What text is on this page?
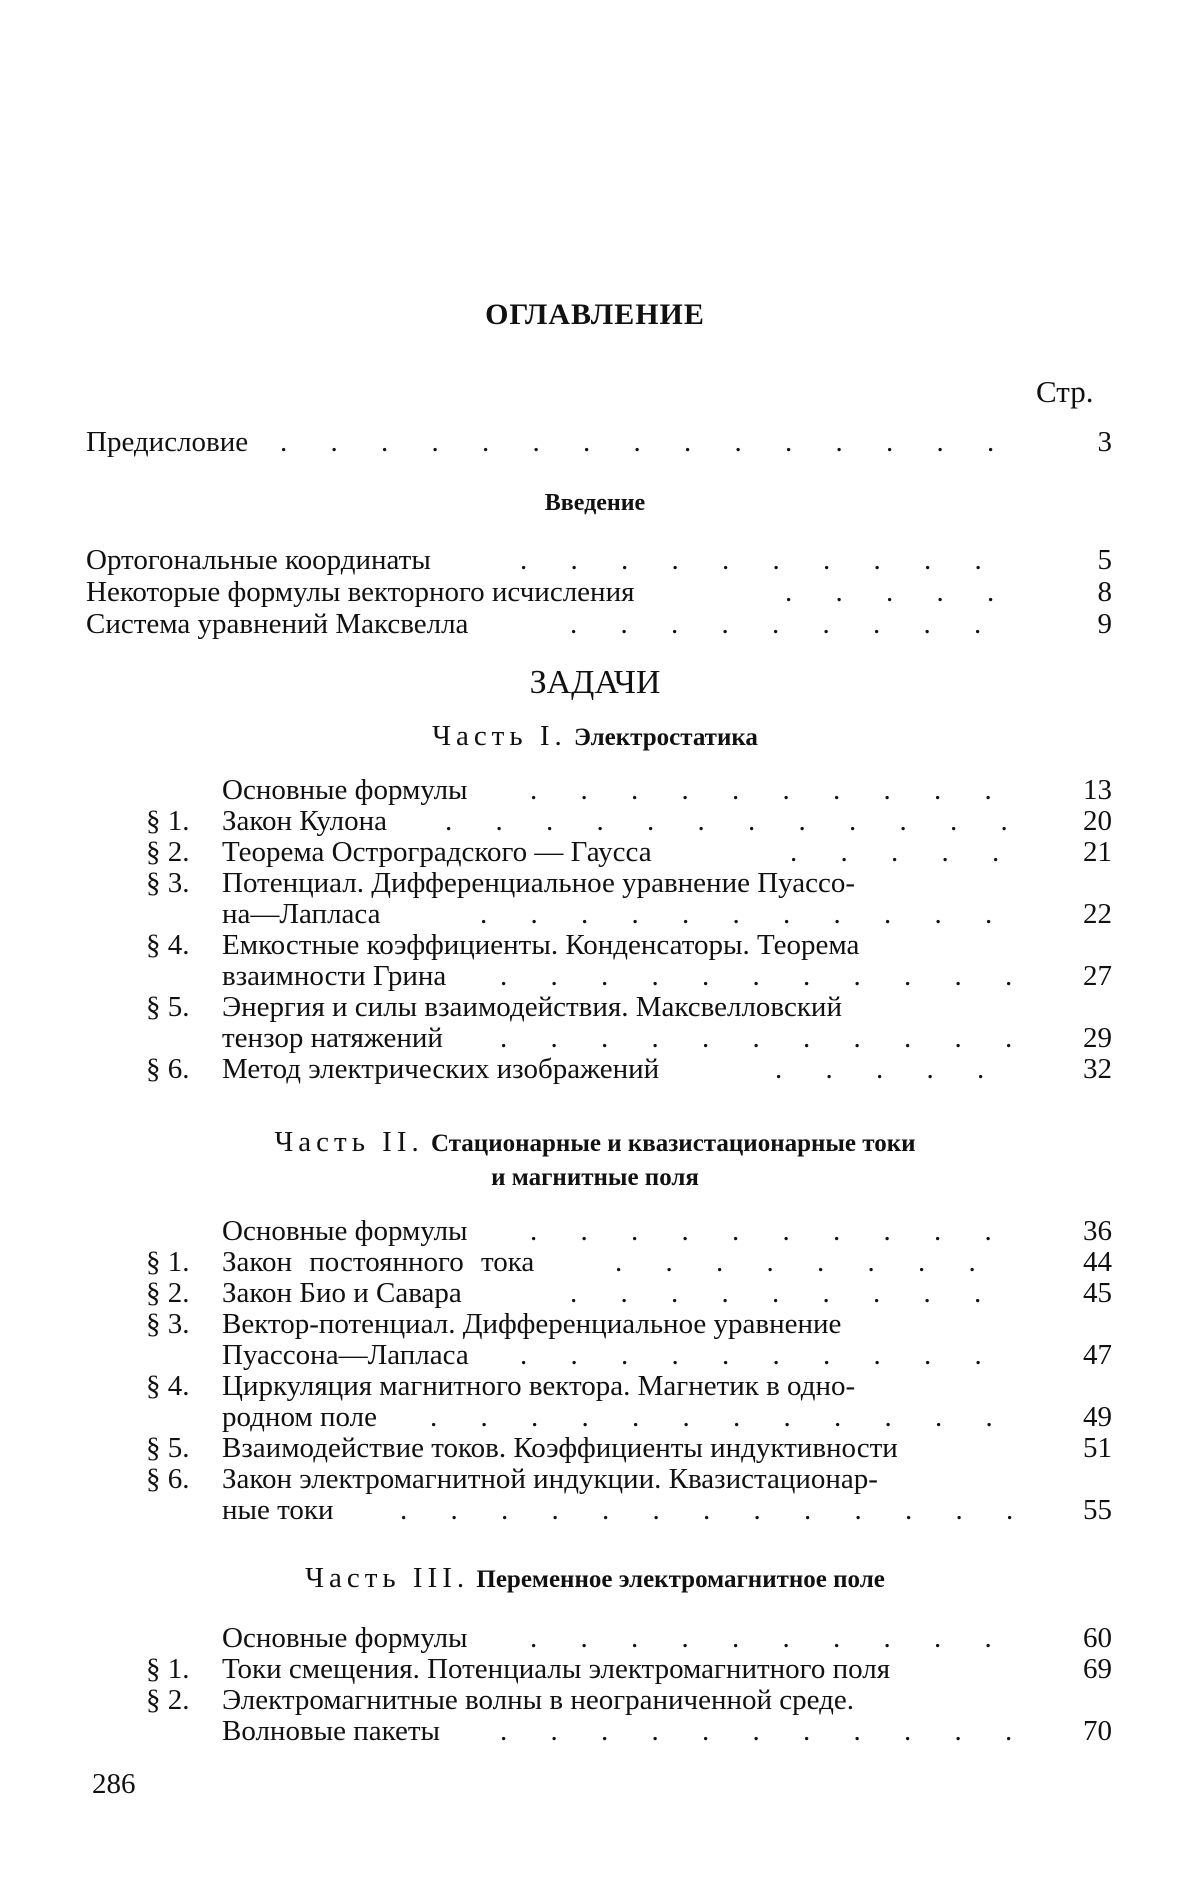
ОГЛАВЛЕНИЕ
Стр.
Предисловие . . .	3
Введение
Ортогональные координаты . . .	5
Некоторые формулы векторного исчисления . . .	8
Система уравнений Максвелла . . .	9
ЗАДАЧИ
Часть I. Электростатика
Основные формулы . . .	13
§ 1. Закон Кулона . . .	20
§ 2. Теорема Остроградского — Гаусса . . .	21
§ 3. Потенциал. Дифференциальное уравнение Пуассо-
на—Лапласа . . .	22
§ 4. Емкостные коэффициенты. Конденсаторы. Теорема
взаимности Грина . . .	27
§ 5. Энергия и силы взаимодействия. Максвелловский
тензор натяжений . . .	29
§ 6. Метод электрических изображений . . .	32
Часть II. Стационарные и квазистационарные токи
и магнитные поля
Основные формулы . . .	36
§ 1. Закон постоянного тока . . .	44
§ 2. Закон Био и Савара . . .	45
§ 3. Вектор-потенциал. Дифференциальное уравнение
Пуассона—Лапласа . . .	47
§ 4. Циркуляция магнитного вектора. Магнетик в одно-
родном поле . . .	49
§ 5. Взаимодействие токов. Коэффициенты индуктивности	51
§ 6. Закон электромагнитной индукции. Квазистационар-
ные токи . . .	55
Часть III. Переменное электромагнитное поле
Основные формулы . . .	60
§ 1. Токи смещения. Потенциалы электромагнитного поля	69
§ 2. Электромагнитные волны в неограниченной среде.
Волновые пакеты . . .	70
286
